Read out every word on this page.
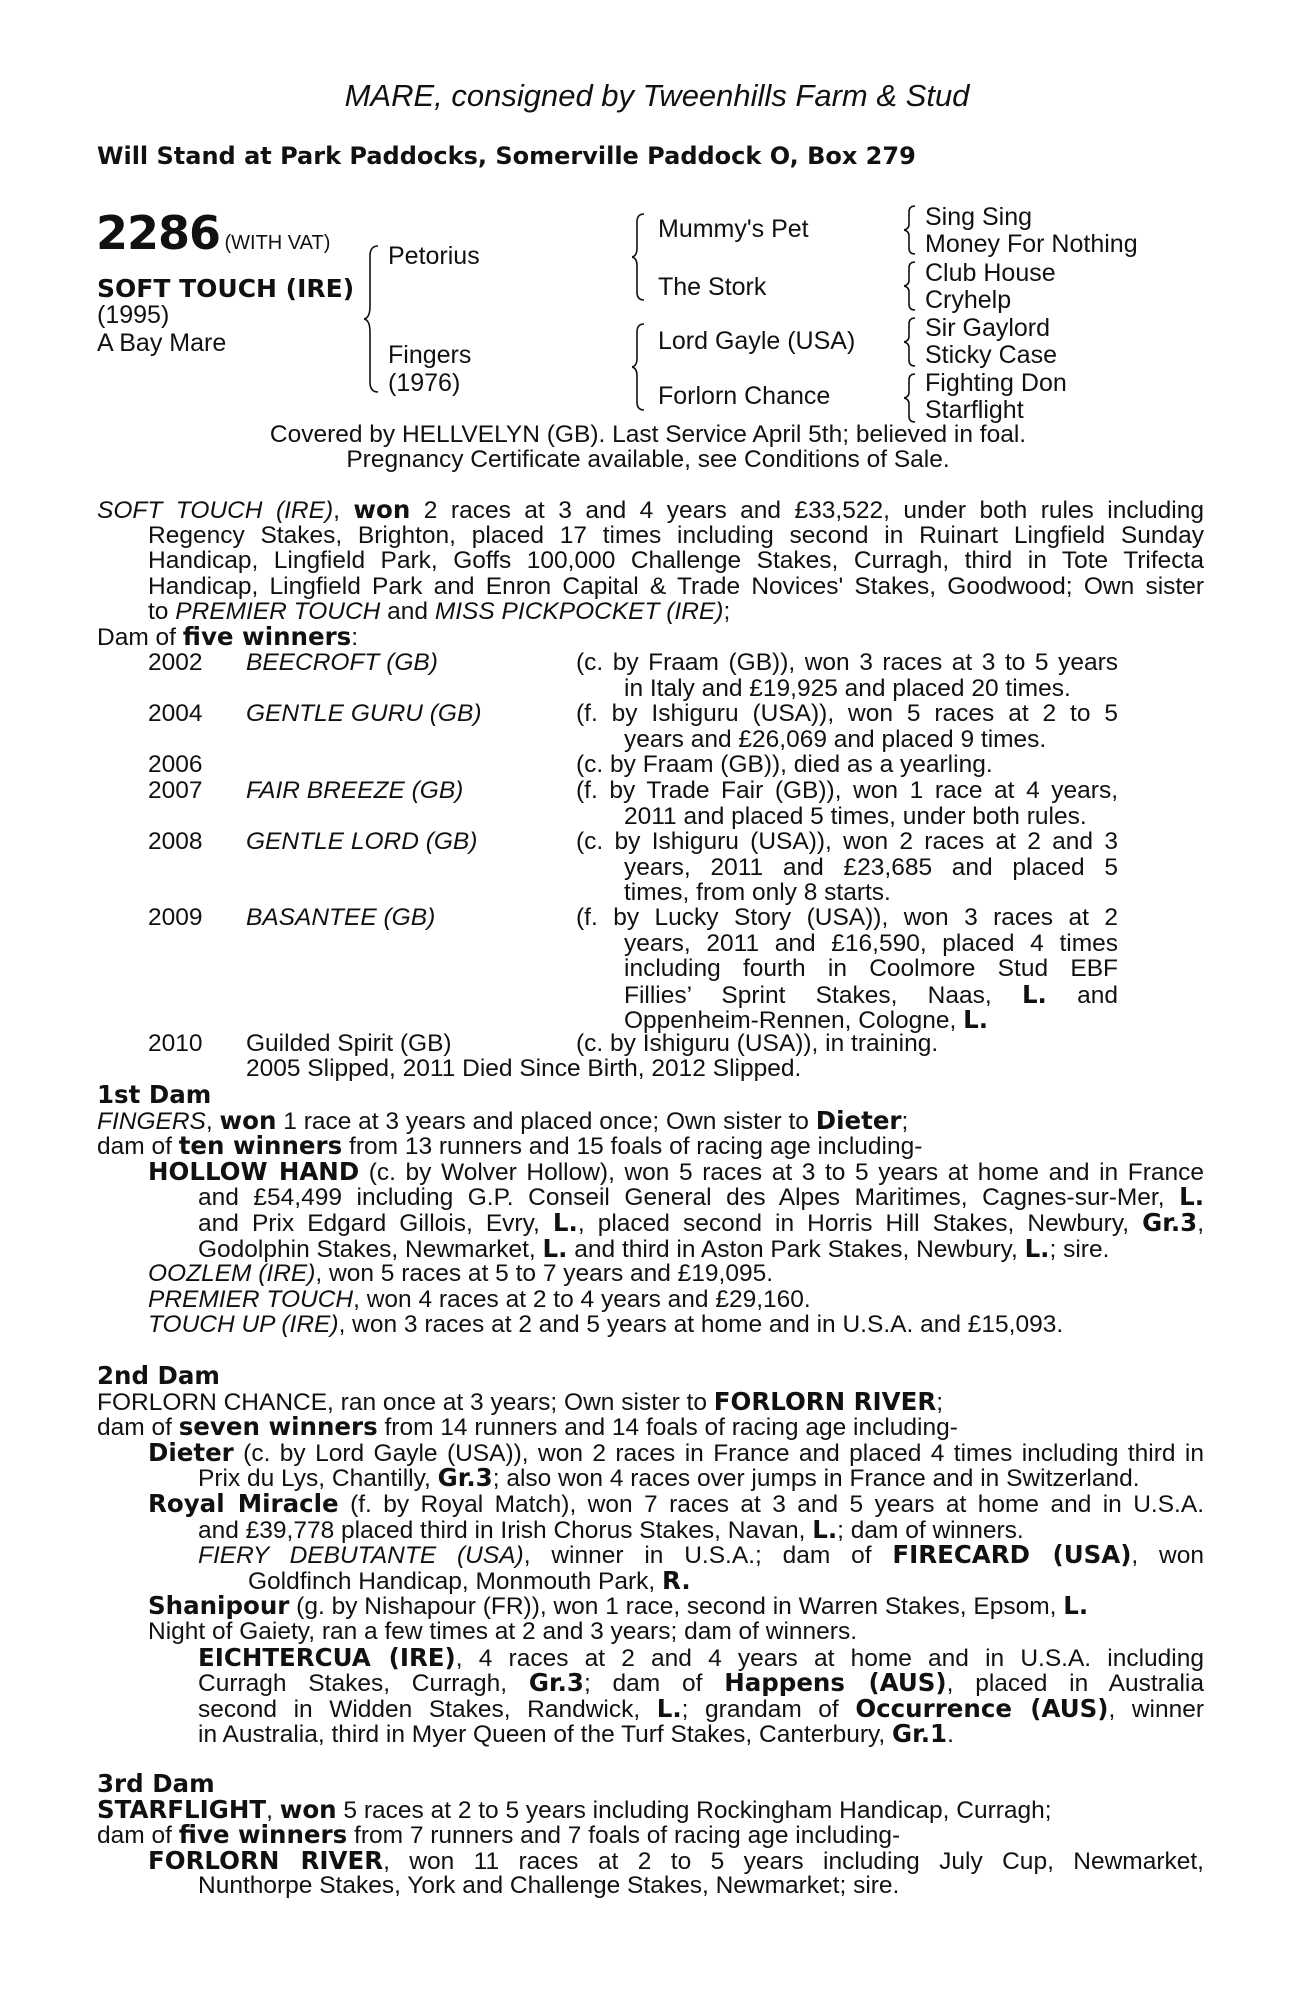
MARE, consigned by Tweenhills Farm & Stud
Will Stand at Park Paddocks, Somerville Paddock O, Box 279
2286 (WITH VAT)
SOFT TOUCH (IRE)
(1995)
A Bay Mare
Petorius
Fingers
(1976)
Mummy's Pet
The Stork
Lord Gayle (USA)
Forlorn Chance
Sing Sing
Money For Nothing
Club House
Cryhelp
Sir Gaylord
Sticky Case
Fighting Don
Starflight
Covered by HELLVELYN (GB). Last Service April 5th; believed in foal.
Pregnancy Certificate available, see Conditions of Sale.
SOFT TOUCH (IRE), won 2 races at 3 and 4 years and £33,522, under both rules including
Regency Stakes, Brighton, placed 17 times including second in Ruinart Lingfield Sunday
Handicap, Lingfield Park, Goffs 100,000 Challenge Stakes, Curragh, third in Tote Trifecta
Handicap, Lingfield Park and Enron Capital & Trade Novices' Stakes, Goodwood; Own sister
to PREMIER TOUCH and MISS PICKPOCKET (IRE);
Dam of five winners:
2002 BEECROFT (GB)	(c. by Fraam (GB)), won 3 races at 3 to 5 years
in Italy and £19,925 and placed 20 times.
2004 GENTLE GURU (GB)	(f. by Ishiguru (USA)), won 5 races at 2 to 5
years and £26,069 and placed 9 times.
2006	(c. by Fraam (GB)), died as a yearling.
2007 FAIR BREEZE (GB)	(f. by Trade Fair (GB)), won 1 race at 4 years,
2011 and placed 5 times, under both rules.
2008 GENTLE LORD (GB)	(c. by Ishiguru (USA)), won 2 races at 2 and 3
years, 2011 and £23,685 and placed 5
times, from only 8 starts.
2009 BASANTEE (GB)	(f. by Lucky Story (USA)), won 3 races at 2
years, 2011 and £16,590, placed 4 times
including fourth in Coolmore Stud EBF
Fillies’ Sprint Stakes, Naas, L. and
Oppenheim-Rennen, Cologne, L.
2010 Guilded Spirit (GB)	(c. by Ishiguru (USA)), in training.
2005 Slipped, 2011 Died Since Birth, 2012 Slipped.
1st Dam
FINGERS, won 1 race at 3 years and placed once; Own sister to Dieter;
dam of ten winners from 13 runners and 15 foals of racing age including-
HOLLOW HAND (c. by Wolver Hollow), won 5 races at 3 to 5 years at home and in France
and £54,499 including G.P. Conseil General des Alpes Maritimes, Cagnes-sur-Mer, L.
and Prix Edgard Gillois, Evry, L., placed second in Horris Hill Stakes, Newbury, Gr.3,
Godolphin Stakes, Newmarket, L. and third in Aston Park Stakes, Newbury, L.; sire.
OOZLEM (IRE), won 5 races at 5 to 7 years and £19,095.
PREMIER TOUCH, won 4 races at 2 to 4 years and £29,160.
TOUCH UP (IRE), won 3 races at 2 and 5 years at home and in U.S.A. and £15,093.
2nd Dam
FORLORN CHANCE, ran once at 3 years; Own sister to FORLORN RIVER;
dam of seven winners from 14 runners and 14 foals of racing age including-
Dieter (c. by Lord Gayle (USA)), won 2 races in France and placed 4 times including third in
Prix du Lys, Chantilly, Gr.3; also won 4 races over jumps in France and in Switzerland.
Royal Miracle (f. by Royal Match), won 7 races at 3 and 5 years at home and in U.S.A.
and £39,778 placed third in Irish Chorus Stakes, Navan, L.; dam of winners.
FIERY DEBUTANTE (USA), winner in U.S.A.; dam of FIRECARD (USA), won
Goldfinch Handicap, Monmouth Park, R.
Shanipour (g. by Nishapour (FR)), won 1 race, second in Warren Stakes, Epsom, L.
Night of Gaiety, ran a few times at 2 and 3 years; dam of winners.
EICHTERCUA (IRE), 4 races at 2 and 4 years at home and in U.S.A. including
Curragh Stakes, Curragh, Gr.3; dam of Happens (AUS), placed in Australia
second in Widden Stakes, Randwick, L.; grandam of Occurrence (AUS), winner
in Australia, third in Myer Queen of the Turf Stakes, Canterbury, Gr.1.
3rd Dam
STARFLIGHT, won 5 races at 2 to 5 years including Rockingham Handicap, Curragh;
dam of five winners from 7 runners and 7 foals of racing age including-
FORLORN RIVER, won 11 races at 2 to 5 years including July Cup, Newmarket,
Nunthorpe Stakes, York and Challenge Stakes, Newmarket; sire.
